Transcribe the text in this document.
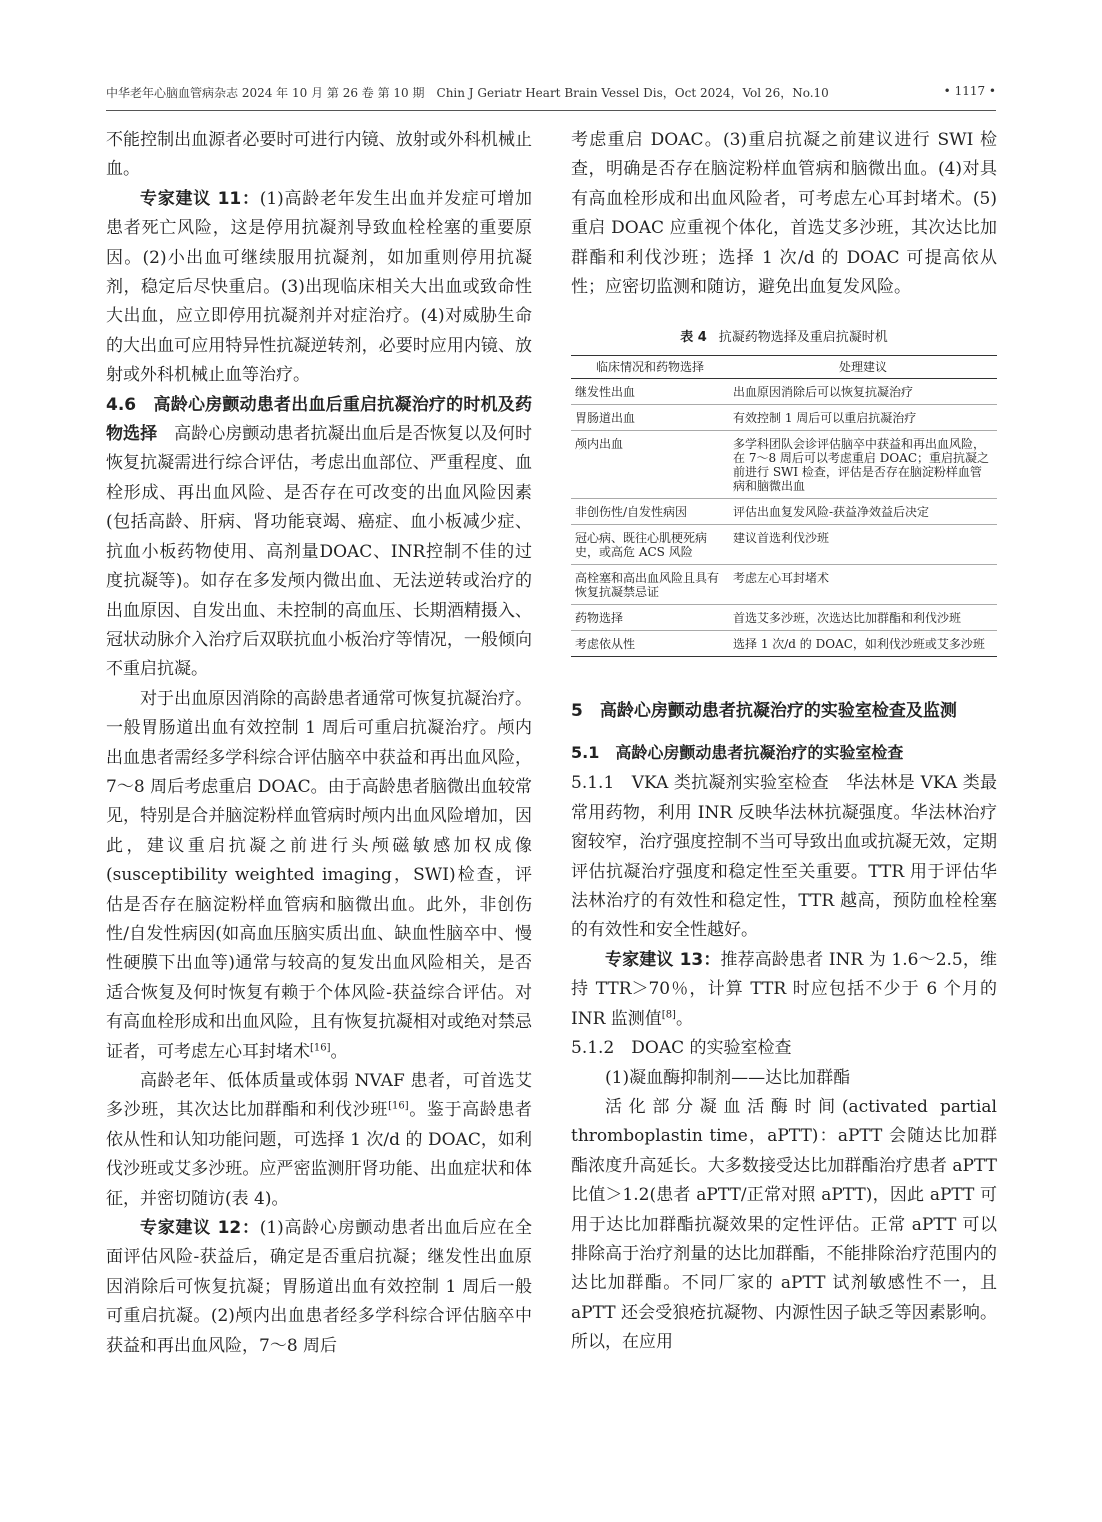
中华老年心脑血管病杂志 2024 年 10 月 第 26 卷 第 10 期　 Chin J Geriatr Heart Brain Vessel Dis，Oct 2024，Vol 26，No.10	• 1117 •

不能控制出血源者必要时可进行内镜、放射或外科机械止血。

专家建议 11：(1)高龄老年发生出血并发症可增加患者死亡风险，这是停用抗凝剂导致血栓栓塞的重要原因。(2)小出血可继续服用抗凝剂，如加重则停用抗凝剂，稳定后尽快重启。(3)出现临床相关大出血或致命性大出血，应立即停用抗凝剂并对症治疗。(4)对威胁生命的大出血可应用特异性抗凝逆转剂，必要时应用内镜、放射或外科机械止血等治疗。

4.6　高龄心房颤动患者出血后重启抗凝治疗的时机及药物选择　高龄心房颤动患者抗凝出血后是否恢复以及何时恢复抗凝需进行综合评估，考虑出血部位、严重程度、血栓形成、再出血风险、是否存在可改变的出血风险因素(包括高龄、肝病、肾功能衰竭、癌症、血小板减少症、抗血小板药物使用、高剂量DOAC、INR控制不佳的过度抗凝等)。如存在多发颅内微出血、无法逆转或治疗的出血原因、自发出血、未控制的高血压、长期酒精摄入、冠状动脉介入治疗后双联抗血小板治疗等情况，一般倾向不重启抗凝。

对于出血原因消除的高龄患者通常可恢复抗凝治疗。一般胃肠道出血有效控制 1 周后可重启抗凝治疗。颅内出血患者需经多学科综合评估脑卒中获益和再出血风险，7～8 周后考虑重启 DOAC。由于高龄患者脑微出血较常见，特别是合并脑淀粉样血管病时颅内出血风险增加，因此，建议重启抗凝之前进行头颅磁敏感加权成像(susceptibility weighted imaging，SWI)检查，评估是否存在脑淀粉样血管病和脑微出血。此外，非创伤性/自发性病因(如高血压脑实质出血、缺血性脑卒中、慢性硬膜下出血等)通常与较高的复发出血风险相关，是否适合恢复及何时恢复有赖于个体风险-获益综合评估。对有高血栓形成和出血风险，且有恢复抗凝相对或绝对禁忌证者，可考虑左心耳封堵术[16]。

高龄老年、低体质量或体弱 NVAF 患者，可首选艾多沙班，其次达比加群酯和利伐沙班[16]。鉴于高龄患者依从性和认知功能问题，可选择 1 次/d 的 DOAC，如利伐沙班或艾多沙班。应严密监测肝肾功能、出血症状和体征，并密切随访(表 4)。

专家建议 12：(1)高龄心房颤动患者出血后应在全面评估风险-获益后，确定是否重启抗凝；继发性出血原因消除后可恢复抗凝；胃肠道出血有效控制 1 周后一般可重启抗凝。(2)颅内出血患者经多学科综合评估脑卒中获益和再出血风险，7～8 周后

考虑重启 DOAC。(3)重启抗凝之前建议进行 SWI 检查，明确是否存在脑淀粉样血管病和脑微出血。(4)对具有高血栓形成和出血风险者，可考虑左心耳封堵术。(5)重启 DOAC 应重视个体化，首选艾多沙班，其次达比加群酯和利伐沙班；选择 1 次/d 的 DOAC 可提高依从性；应密切监测和随访，避免出血复发风险。

表 4 抗凝药物选择及重启抗凝时机
临床情况和药物选择	处理建议
继发性出血	出血原因消除后可以恢复抗凝治疗
胃肠道出血	有效控制 1 周后可以重启抗凝治疗
颅内出血	多学科团队会诊评估脑卒中获益和再出血风险，在 7～8 周后可以考虑重启 DOAC；重启抗凝之前进行 SWI 检查，评估是否存在脑淀粉样血管病和脑微出血
非创伤性/自发性病因	评估出血复发风险-获益净效益后决定
冠心病、既往心肌梗死病史，或高危 ACS 风险	建议首选利伐沙班
高栓塞和高出血风险且具有恢复抗凝禁忌证	考虑左心耳封堵术
药物选择	首选艾多沙班，次选达比加群酯和利伐沙班
考虑依从性	选择 1 次/d 的 DOAC，如利伐沙班或艾多沙班
5　高龄心房颤动患者抗凝治疗的实验室检查及监测
5.1　高龄心房颤动患者抗凝治疗的实验室检查

5.1.1　VKA 类抗凝剂实验室检查　华法林是 VKA 类最常用药物，利用 INR 反映华法林抗凝强度。华法林治疗窗较窄，治疗强度控制不当可导致出血或抗凝无效，定期评估抗凝治疗强度和稳定性至关重要。TTR 用于评估华法林治疗的有效性和稳定性，TTR 越高，预防血栓栓塞的有效性和安全性越好。

专家建议 13：推荐高龄患者 INR 为 1.6～2.5，维持 TTR＞70％，计算 TTR 时应包括不少于 6 个月的 INR 监测值[8]。

5.1.2　DOAC 的实验室检查

(1)凝血酶抑制剂——达比加群酯

活化部分凝血活酶时间(activated partial thromboplastin time，aPTT)：aPTT 会随达比加群酯浓度升高延长。大多数接受达比加群酯治疗患者 aPTT 比值＞1.2(患者 aPTT/正常对照 aPTT)，因此 aPTT 可用于达比加群酯抗凝效果的定性评估。正常 aPTT 可以排除高于治疗剂量的达比加群酯，不能排除治疗范围内的达比加群酯。不同厂家的 aPTT 试剂敏感性不一，且 aPTT 还会受狼疮抗凝物、内源性因子缺乏等因素影响。所以，在应用
